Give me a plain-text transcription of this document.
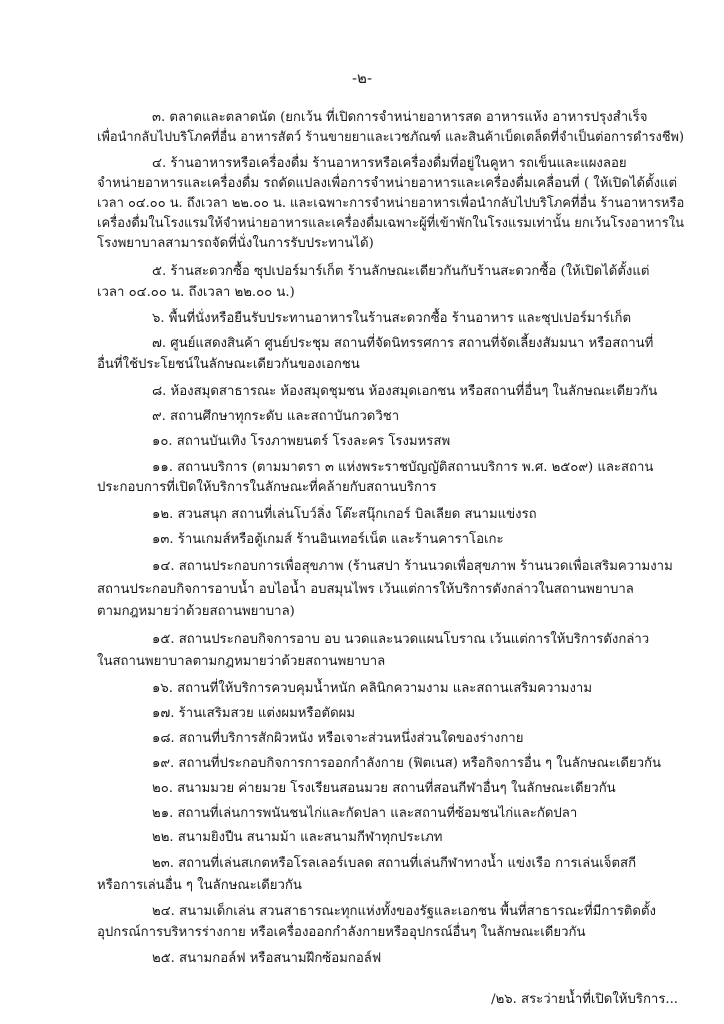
-๒-
๓. ตลาดและตลาดนัด (ยกเว้น ที่เปิดการจำหน่ายอาหารสด อาหารแห้ง อาหารปรุงสำเร็จ
เพื่อนำกลับไปบริโภคที่อื่น อาหารสัตว์ ร้านขายยาและเวชภัณฑ์ และสินค้าเบ็ดเตล็ดที่จำเป็นต่อการดำรงชีพ)
๔. ร้านอาหารหรือเครื่องดื่ม ร้านอาหารหรือเครื่องดื่มที่อยู่ในคูหา รถเข็นและแผงลอย
จำหน่ายอาหารและเครื่องดื่ม รถดัดแปลงเพื่อการจำหน่ายอาหารและเครื่องดื่มเคลื่อนที่ ( ให้เปิดได้ตั้งแต่
เวลา ๐๔.๐๐ น. ถึงเวลา ๒๒.๐๐ น. และเฉพาะการจำหน่ายอาหารเพื่อนำกลับไปบริโภคที่อื่น ร้านอาหารหรือ
เครื่องดื่มในโรงแรมให้จำหน่ายอาหารและเครื่องดื่มเฉพาะผู้ที่เข้าพักในโรงแรมเท่านั้น ยกเว้นโรงอาหารใน
โรงพยาบาลสามารถจัดที่นั่งในการรับประทานได้)
๕. ร้านสะดวกซื้อ ซุปเปอร์มาร์เก็ต ร้านลักษณะเดียวกันกับร้านสะดวกซื้อ (ให้เปิดได้ตั้งแต่
เวลา ๐๔.๐๐ น. ถึงเวลา ๒๒.๐๐ น.)
๖. พื้นที่นั่งหรือยืนรับประทานอาหารในร้านสะดวกซื้อ ร้านอาหาร และซุปเปอร์มาร์เก็ต
๗. ศูนย์แสดงสินค้า ศูนย์ประชุม สถานที่จัดนิทรรศการ สถานที่จัดเลี้ยงสัมมนา หรือสถานที่
อื่นที่ใช้ประโยชน์ในลักษณะเดียวกันของเอกชน
๘. ห้องสมุดสาธารณะ ห้องสมุดชุมชน ห้องสมุดเอกชน หรือสถานที่อื่นๆ ในลักษณะเดียวกัน
๙. สถานศึกษาทุกระดับ และสถาบันกวดวิชา
๑๐. สถานบันเทิง โรงภาพยนตร์ โรงละคร โรงมหรสพ
๑๑. สถานบริการ (ตามมาตรา ๓ แห่งพระราชบัญญัติสถานบริการ พ.ศ. ๒๕๐๙) และสถาน
ประกอบการที่เปิดให้บริการในลักษณะที่คล้ายกับสถานบริการ
๑๒. สวนสนุก สถานที่เล่นโบว์ลิ่ง โต๊ะสนุ๊กเกอร์ บิลเลียด สนามแข่งรถ
๑๓. ร้านเกมส์หรือตู้เกมส์ ร้านอินเทอร์เน็ต และร้านคาราโอเกะ
๑๔. สถานประกอบการเพื่อสุขภาพ (ร้านสปา ร้านนวดเพื่อสุขภาพ ร้านนวดเพื่อเสริมความงาม
สถานประกอบกิจการอาบน้ำ อบไอน้ำ อบสมุนไพร เว้นแต่การให้บริการดังกล่าวในสถานพยาบาล
ตามกฎหมายว่าด้วยสถานพยาบาล)
๑๕. สถานประกอบกิจการอาบ อบ นวดและนวดแผนโบราณ เว้นแต่การให้บริการดังกล่าว
ในสถานพยาบาลตามกฎหมายว่าด้วยสถานพยาบาล
๑๖. สถานที่ให้บริการควบคุมน้ำหนัก คลินิกความงาม และสถานเสริมความงาม
๑๗. ร้านเสริมสวย แต่งผมหรือตัดผม
๑๘. สถานที่บริการสักผิวหนัง หรือเจาะส่วนหนึ่งส่วนใดของร่างกาย
๑๙. สถานที่ประกอบกิจการการออกกำลังกาย (ฟิตเนส) หรือกิจการอื่น ๆ ในลักษณะเดียวกัน
๒๐. สนามมวย ค่ายมวย โรงเรียนสอนมวย สถานที่สอนกีฬาอื่นๆ ในลักษณะเดียวกัน
๒๑. สถานที่เล่นการพนันชนไก่และกัดปลา และสถานที่ซ้อมชนไก่และกัดปลา
๒๒. สนามยิงปืน สนามม้า และสนามกีฬาทุกประเภท
๒๓. สถานที่เล่นสเกตหรือโรลเลอร์เบลด สถานที่เล่นกีฬาทางน้ำ แข่งเรือ การเล่นเจ็ตสกี
หรือการเล่นอื่น ๆ ในลักษณะเดียวกัน
๒๔. สนามเด็กเล่น สวนสาธารณะทุกแห่งทั้งของรัฐและเอกชน พื้นที่สาธารณะที่มีการติดตั้ง
อุปกรณ์การบริหารร่างกาย หรือเครื่องออกกำลังกายหรืออุปกรณ์อื่นๆ ในลักษณะเดียวกัน
๒๕. สนามกอล์ฟ หรือสนามฝึกซ้อมกอล์ฟ
/๒๖. สระว่ายน้ำที่เปิดให้บริการ...
